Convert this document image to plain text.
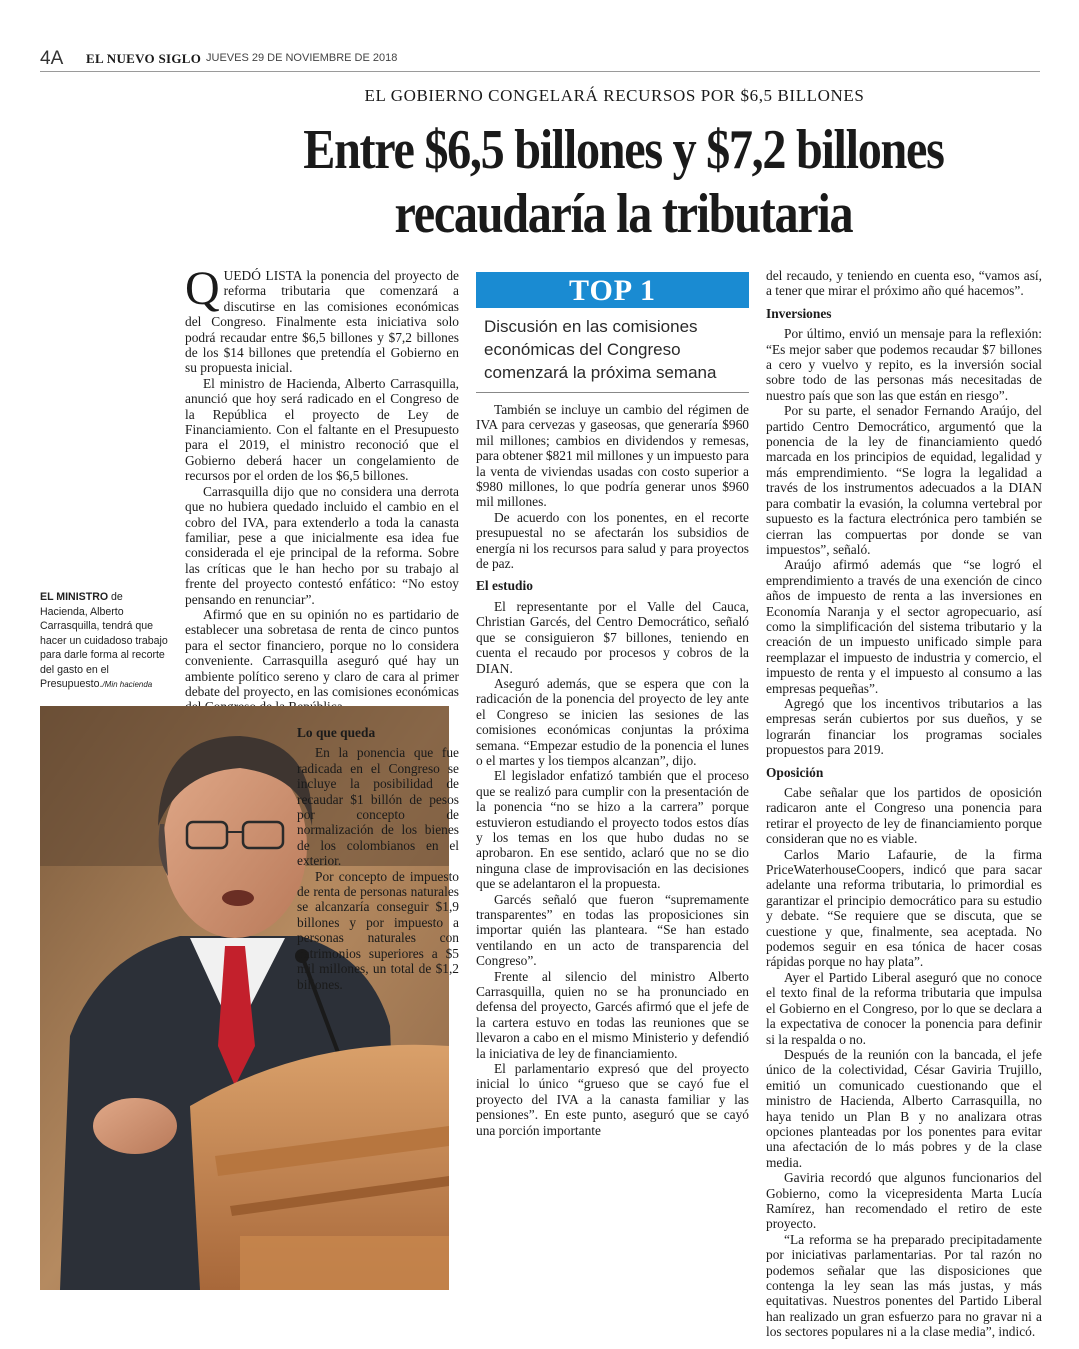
4A EL NUEVO SIGLO JUEVES 29 DE NOVIEMBRE DE 2018
EL GOBIERNO CONGELARÁ RECURSOS POR $6,5 BILLONES
Entre $6,5 billones y $7,2 billones
recaudaría la tributaria

QUEDÓ LISTA la ponencia del proyecto de reforma tributaria que comenzará a discutirse en las comisiones económicas del Congreso. Finalmente esta iniciativa solo podrá recaudar entre $6,5 billones y $7,2 billones de los $14 billones que pretendía el Gobierno en su propuesta inicial.

El ministro de Hacienda, Alberto Carrasquilla, anunció que hoy será radicado en el Congreso de la República el proyecto de Ley de Financiamiento. Con el faltante en el Presupuesto para el 2019, el ministro reconoció que el Gobierno deberá hacer un congelamiento de recursos por el orden de los $6,5 billones.

Carrasquilla dijo que no considera una derrota que no hubiera quedado incluido el cambio en el cobro del IVA, para extenderlo a toda la canasta familiar, pese a que inicialmente esa idea fue considerada el eje principal de la reforma. Sobre las críticas que le han hecho por su trabajo al frente del proyecto contestó enfático: “No estoy pensando en renunciar”.

Afirmó que en su opinión no es partidario de establecer una sobretasa de renta de cinco puntos para el sector financiero, porque no lo considera conveniente. Carrasquilla aseguró qué hay un ambiente político sereno y claro de cara al primer debate del proyecto, en las comisiones económicas

EL MINISTRO de Hacienda, Alberto Carrasquilla, tendrá que hacer un cuidadoso trabajo para darle forma al recorte del gasto en el Presupuesto./Min hacienda
Lo que queda

En la ponencia que fue radicada en el Congreso se incluye la posibilidad de recaudar $1 billón de pesos por concepto de normalización de los bienes de los colombianos en el exterior.

Por concepto de impuesto de renta de personas naturales se alcanzaría conseguir $1,9 billones y por impuesto a personas naturales con patrimonios superiores a $5 mil millones, un total de $1,2 billones.

TOP 1
Discusión en las comisiones económicas del Congreso comenzará la próxima semana

También se incluye un cambio del régimen de IVA para cervezas y gaseosas, que generaría $960 mil millones; cambios en dividendos y remesas, para obtener $821 mil millones y un impuesto para la venta de viviendas usadas con costo superior a $980 millones, lo que podría generar unos $960 mil millones.

De acuerdo con los ponentes, en el recorte presupuestal no se afectarán los subsidios de energía ni los recursos para salud y para proyectos de paz.

El estudio

El representante por el Valle del Cauca, Christian Garcés, del Centro Democrático, señaló que se consiguieron $7 billones, teniendo en cuenta el recaudo por procesos y cobros de la DIAN.

Aseguró además, que se espera que con la radicación de la ponencia del proyecto de ley ante el Congreso se inicien las sesiones de las comisiones económicas conjuntas la próxima semana. “Empezar estudio de la ponencia el lunes o el martes y los tiempos alcanzan”, dijo.

El legislador enfatizó también que el proceso que se realizó para cumplir con la presentación de la ponencia “no se hizo a la carrera” porque estuvieron estudiando el proyecto todos estos días y los temas en los que hubo dudas no se aprobaron. En ese sentido, aclaró que no se dio ninguna clase de improvisación en las decisiones que se adelantaron el la propuesta.

Garcés señaló que fueron “supremamente transparentes” en todas las proposiciones sin importar quién las planteara. “Se han estado ventilando en un acto de transparencia del Congreso”.

Frente al silencio del ministro Alberto Carrasquilla, quien no se ha pronunciado en defensa del proyecto, Garcés afirmó que el jefe de la cartera estuvo en todas las reuniones que se llevaron a cabo en el mismo Ministerio y defendió la iniciativa de ley de financiamiento.

El parlamentario expresó que del proyecto inicial lo único “grueso que se cayó fue el proyecto del IVA a la canasta familiar y las pensiones”. En este punto, aseguró que se cayó una porción importante

del recaudo, y teniendo en cuenta eso, “vamos así, a tener que mirar el próximo año qué hacemos”.

Inversiones

Por último, envió un mensaje para la reflexión: “Es mejor saber que podemos recaudar $7 billones a cero y vuelvo y repito, es la inversión social sobre todo de las personas más necesitadas de nuestro país que son las que están en riesgo”.

Por su parte, el senador Fernando Araújo, del partido Centro Democrático, argumentó que la ponencia de la ley de financiamiento quedó marcada en los principios de equidad, legalidad y más emprendimiento. “Se logra la legalidad a través de los instrumentos adecuados a la DIAN para combatir la evasión, la columna vertebral por supuesto es la factura electrónica pero también se cierran las compuertas por donde se van impuestos”, señaló.

Araújo afirmó además que “se logró el emprendimiento a través de una exención de cinco años de impuesto de renta a las inversiones en Economía Naranja y el sector agropecuario, así como la simplificación del sistema tributario y la creación de un impuesto unificado simple para reemplazar el impuesto de industria y comercio, el impuesto de renta y el impuesto al consumo a las empresas pequeñas”.

Agregó que los incentivos tributarios a las empresas serán cubiertos por sus dueños, y se lograrán financiar los programas sociales propuestos para 2019.

Oposición

Cabe señalar que los partidos de oposición radicaron ante el Congreso una ponencia para retirar el proyecto de ley de financiamiento porque consideran que no es viable.

Carlos Mario Lafaurie, de la firma PriceWaterhouseCoopers, indicó que para sacar adelante una reforma tributaria, lo primordial es garantizar el principio democrático para su estudio y debate. “Se requiere que se discuta, que se cuestione y que, finalmente, sea aceptada. No podemos seguir en esa tónica de hacer cosas rápidas porque no hay plata”.

Ayer el Partido Liberal aseguró que no conoce el texto final de la reforma tributaria que impulsa el Gobierno en el Congreso, por lo que se declara a la expectativa de conocer la ponencia para definir si la respalda o no.

Después de la reunión con la bancada, el jefe único de la colectividad, César Gaviria Trujillo, emitió un comunicado cuestionando que el ministro de Hacienda, Alberto Carrasquilla, no haya tenido un Plan B y no analizara otras opciones planteadas por los ponentes para evitar una afectación de lo más pobres y de la clase media.

Gaviria recordó que algunos funcionarios del Gobierno, como la vicepresidenta Marta Lucía Ramírez, han recomendado el retiro de este proyecto.

“La reforma se ha preparado precipitadamente por iniciativas parlamentarias. Por tal razón no podemos señalar que las disposiciones que contenga la ley sean las más justas, y más equitativas. Nuestros ponentes del Partido Liberal han realizado un gran esfuerzo para no gravar ni a los sectores populares ni a la clase media”, indicó.
